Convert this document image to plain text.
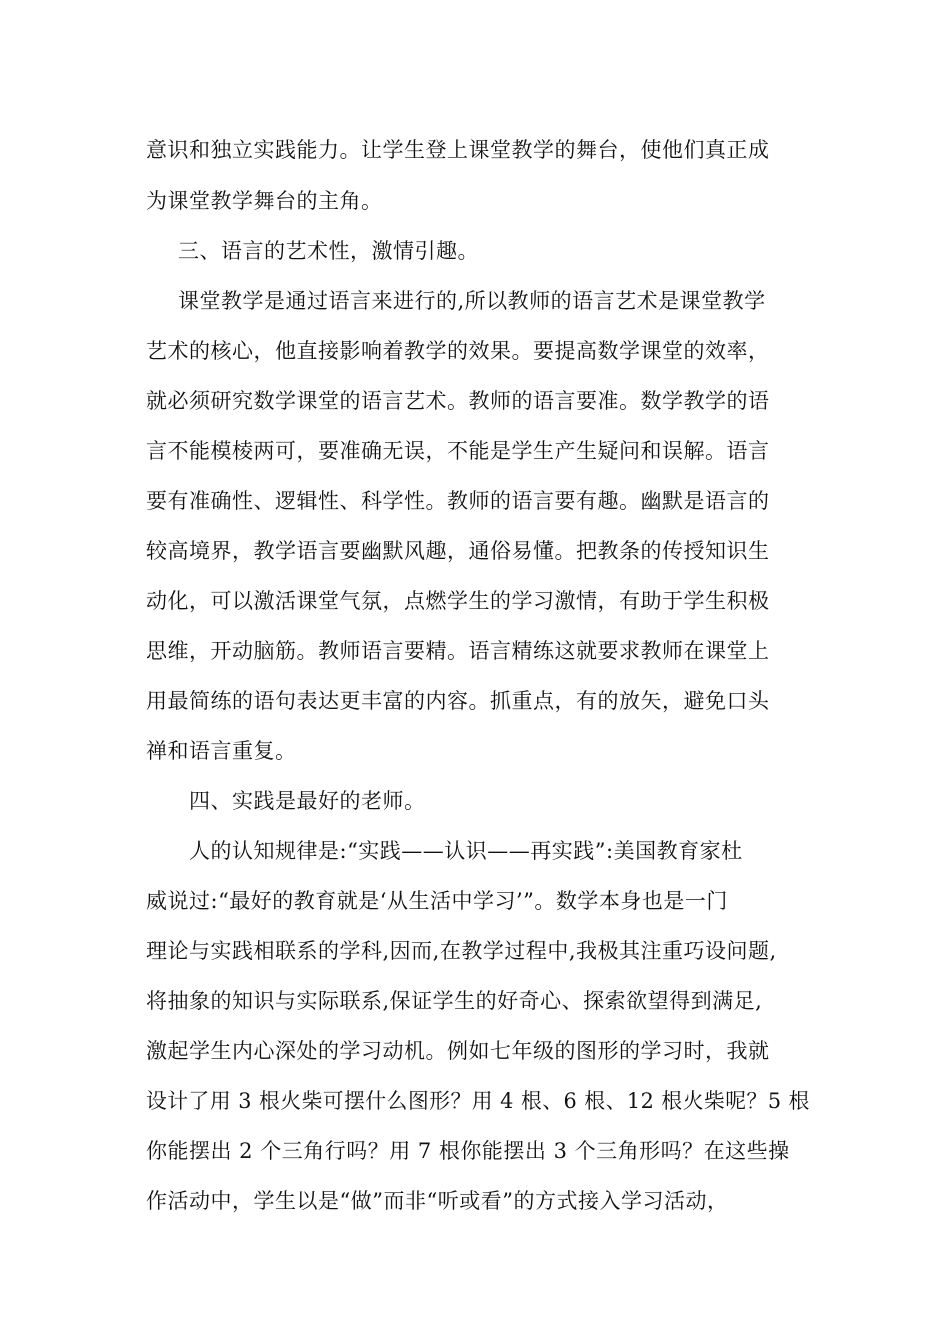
意识和独立实践能力。让学生登上课堂教学的舞台，使他们真正成
为课堂教学舞台的主角。
三、语言的艺术性，激情引趣。
课堂教学是通过语言来进行的,所以教师的语言艺术是课堂教学
艺术的核心，他直接影响着教学的效果。要提高数学课堂的效率，
就必须研究数学课堂的语言艺术。教师的语言要准。数学教学的语
言不能模棱两可，要准确无误，不能是学生产生疑问和误解。语言
要有准确性、逻辑性、科学性。教师的语言要有趣。幽默是语言的
较高境界，教学语言要幽默风趣，通俗易懂。把教条的传授知识生
动化，可以激活课堂气氛，点燃学生的学习激情，有助于学生积极
思维，开动脑筋。教师语言要精。语言精练这就要求教师在课堂上
用最简练的语句表达更丰富的内容。抓重点，有的放矢，避免口头
禅和语言重复。
四、实践是最好的老师。
人的认知规律是:“实践——认识——再实践”:美国教育家杜
威说过:“最好的教育就是‘从生活中学习’”。数学本身也是一门
理论与实践相联系的学科,因而,在教学过程中,我极其注重巧设问题,
将抽象的知识与实际联系,保证学生的好奇心、探索欲望得到满足,
激起学生内心深处的学习动机。例如七年级的图形的学习时，我就
设计了用 3 根火柴可摆什么图形？用 4 根、6 根、12 根火柴呢？5 根
你能摆出 2 个三角行吗？用 7 根你能摆出 3 个三角形吗？在这些操
作活动中，学生以是“做”而非“听或看”的方式接入学习活动，
